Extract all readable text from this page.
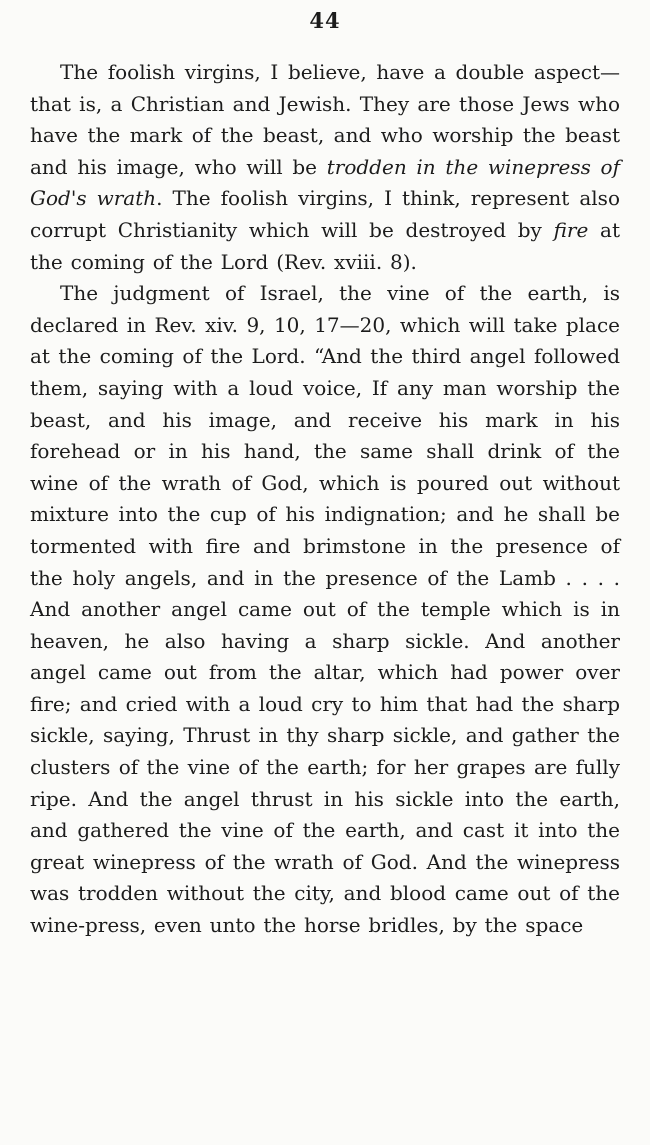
44

The foolish virgins, I believe, have a double aspect—that is, a Christian and Jewish. They are those Jews who have the mark of the beast, and who worship the beast and his image, who will be trodden in the winepress of God's wrath. The foolish virgins, I think, represent also corrupt Christianity which will be destroyed by fire at the coming of the Lord (Rev. xviii. 8).

The judgment of Israel, the vine of the earth, is declared in Rev. xiv. 9, 10, 17—20, which will take place at the coming of the Lord. “And the third angel followed them, saying with a loud voice, If any man worship the beast, and his image, and receive his mark in his forehead or in his hand, the same shall drink of the wine of the wrath of God, which is poured out without mixture into the cup of his indignation; and he shall be tormented with fire and brimstone in the presence of the holy angels, and in the presence of the Lamb . . . . And another angel came out of the temple which is in heaven, he also having a sharp sickle. And another angel came out from the altar, which had power over fire; and cried with a loud cry to him that had the sharp sickle, saying, Thrust in thy sharp sickle, and gather the clusters of the vine of the earth; for her grapes are fully ripe. And the angel thrust in his sickle into the earth, and gathered the vine of the earth, and cast it into the great winepress of the wrath of God. And the winepress was trodden without the city, and blood came out of the wine-press, even unto the horse bridles, by the space
